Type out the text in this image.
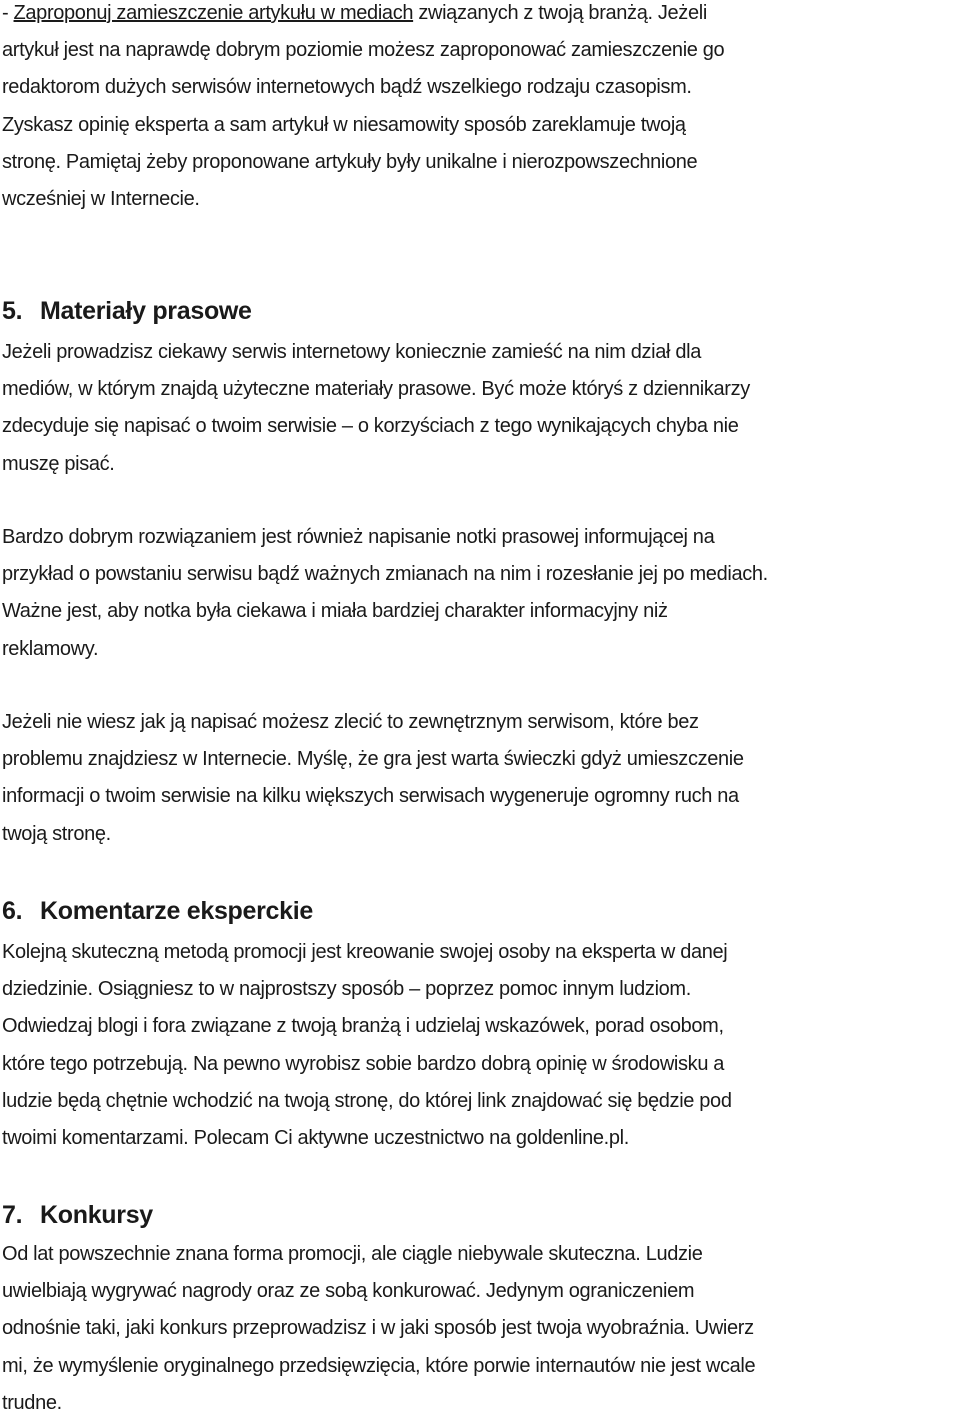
- Zaproponuj zamieszczenie artykułu w mediach związanych z twoją branżą. Jeżeli
artykuł jest na naprawdę dobrym poziomie możesz zaproponować zamieszczenie go
redaktorom dużych serwisów internetowych bądź wszelkiego rodzaju czasopism.
Zyskasz opinię eksperta a sam artykuł w niesamowity sposób zareklamuje twoją
stronę. Pamiętaj żeby proponowane artykuły były unikalne i nierozpowszechnione
wcześniej w Internecie.

5. Materiały prasowe

Jeżeli prowadzisz ciekawy serwis internetowy koniecznie zamieść na nim dział dla
mediów, w którym znajdą użyteczne materiały prasowe. Być może któryś z dziennikarzy
zdecyduje się napisać o twoim serwisie – o korzyściach z tego wynikających chyba nie
muszę pisać.

Bardzo dobrym rozwiązaniem jest również napisanie notki prasowej informującej na
przykład o powstaniu serwisu bądź ważnych zmianach na nim i rozesłanie jej po mediach.
Ważne jest, aby notka była ciekawa i miała bardziej charakter informacyjny niż
reklamowy.

Jeżeli nie wiesz jak ją napisać możesz zlecić to zewnętrznym serwisom, które bez
problemu znajdziesz w Internecie. Myślę, że gra jest warta świeczki gdyż umieszczenie
informacji o twoim serwisie na kilku większych serwisach wygeneruje ogromny ruch na
twoją stronę.

6. Komentarze eksperckie

Kolejną skuteczną metodą promocji jest kreowanie swojej osoby na eksperta w danej
dziedzinie. Osiągniesz to w najprostszy sposób – poprzez pomoc innym ludziom.
Odwiedzaj blogi i fora związane z twoją branżą i udzielaj wskazówek, porad osobom,
które tego potrzebują. Na pewno wyrobisz sobie bardzo dobrą opinię w środowisku a
ludzie będą chętnie wchodzić na twoją stronę, do której link znajdować się będzie pod
twoimi komentarzami. Polecam Ci aktywne uczestnictwo na goldenline.pl.

7. Konkursy

Od lat powszechnie znana forma promocji, ale ciągle niebywale skuteczna. Ludzie
uwielbiają wygrywać nagrody oraz ze sobą konkurować. Jedynym ograniczeniem
odnośnie taki, jaki konkurs przeprowadzisz i w jaki sposób jest twoja wyobraźnia. Uwierz
mi, że wymyślenie oryginalnego przedsięwzięcia, które porwie internautów nie jest wcale
trudne.
